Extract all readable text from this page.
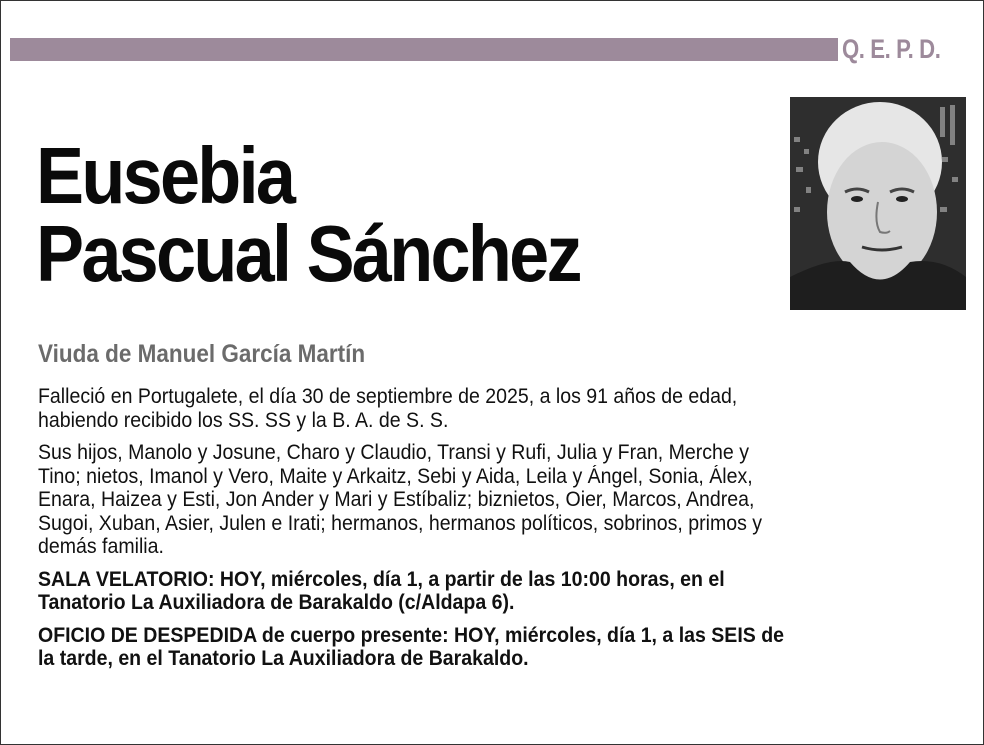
Q. E. P. D.
Eusebia
Pascual Sánchez
Viuda de Manuel García Martín
Falleció en Portugalete, el día 30 de septiembre de 2025, a los 91 años de edad,
habiendo recibido los SS. SS y la B. A. de S. S.
Sus hijos, Manolo y Josune, Charo y Claudio, Transi y Rufi, Julia y Fran, Merche y
Tino; nietos, Imanol y Vero, Maite y Arkaitz, Sebi y Aida, Leila y Ángel, Sonia, Álex,
Enara, Haizea y Esti, Jon Ander y Mari y Estíbaliz; biznietos, Oier, Marcos, Andrea,
Sugoi, Xuban, Asier, Julen e Irati; hermanos, hermanos políticos, sobrinos, primos y
demás familia.
SALA VELATORIO: HOY, miércoles, día 1, a partir de las 10:00 horas, en el
Tanatorio La Auxiliadora de Barakaldo (c/Aldapa 6).
OFICIO DE DESPEDIDA de cuerpo presente: HOY, miércoles, día 1, a las SEIS de
la tarde, en el Tanatorio La Auxiliadora de Barakaldo.
